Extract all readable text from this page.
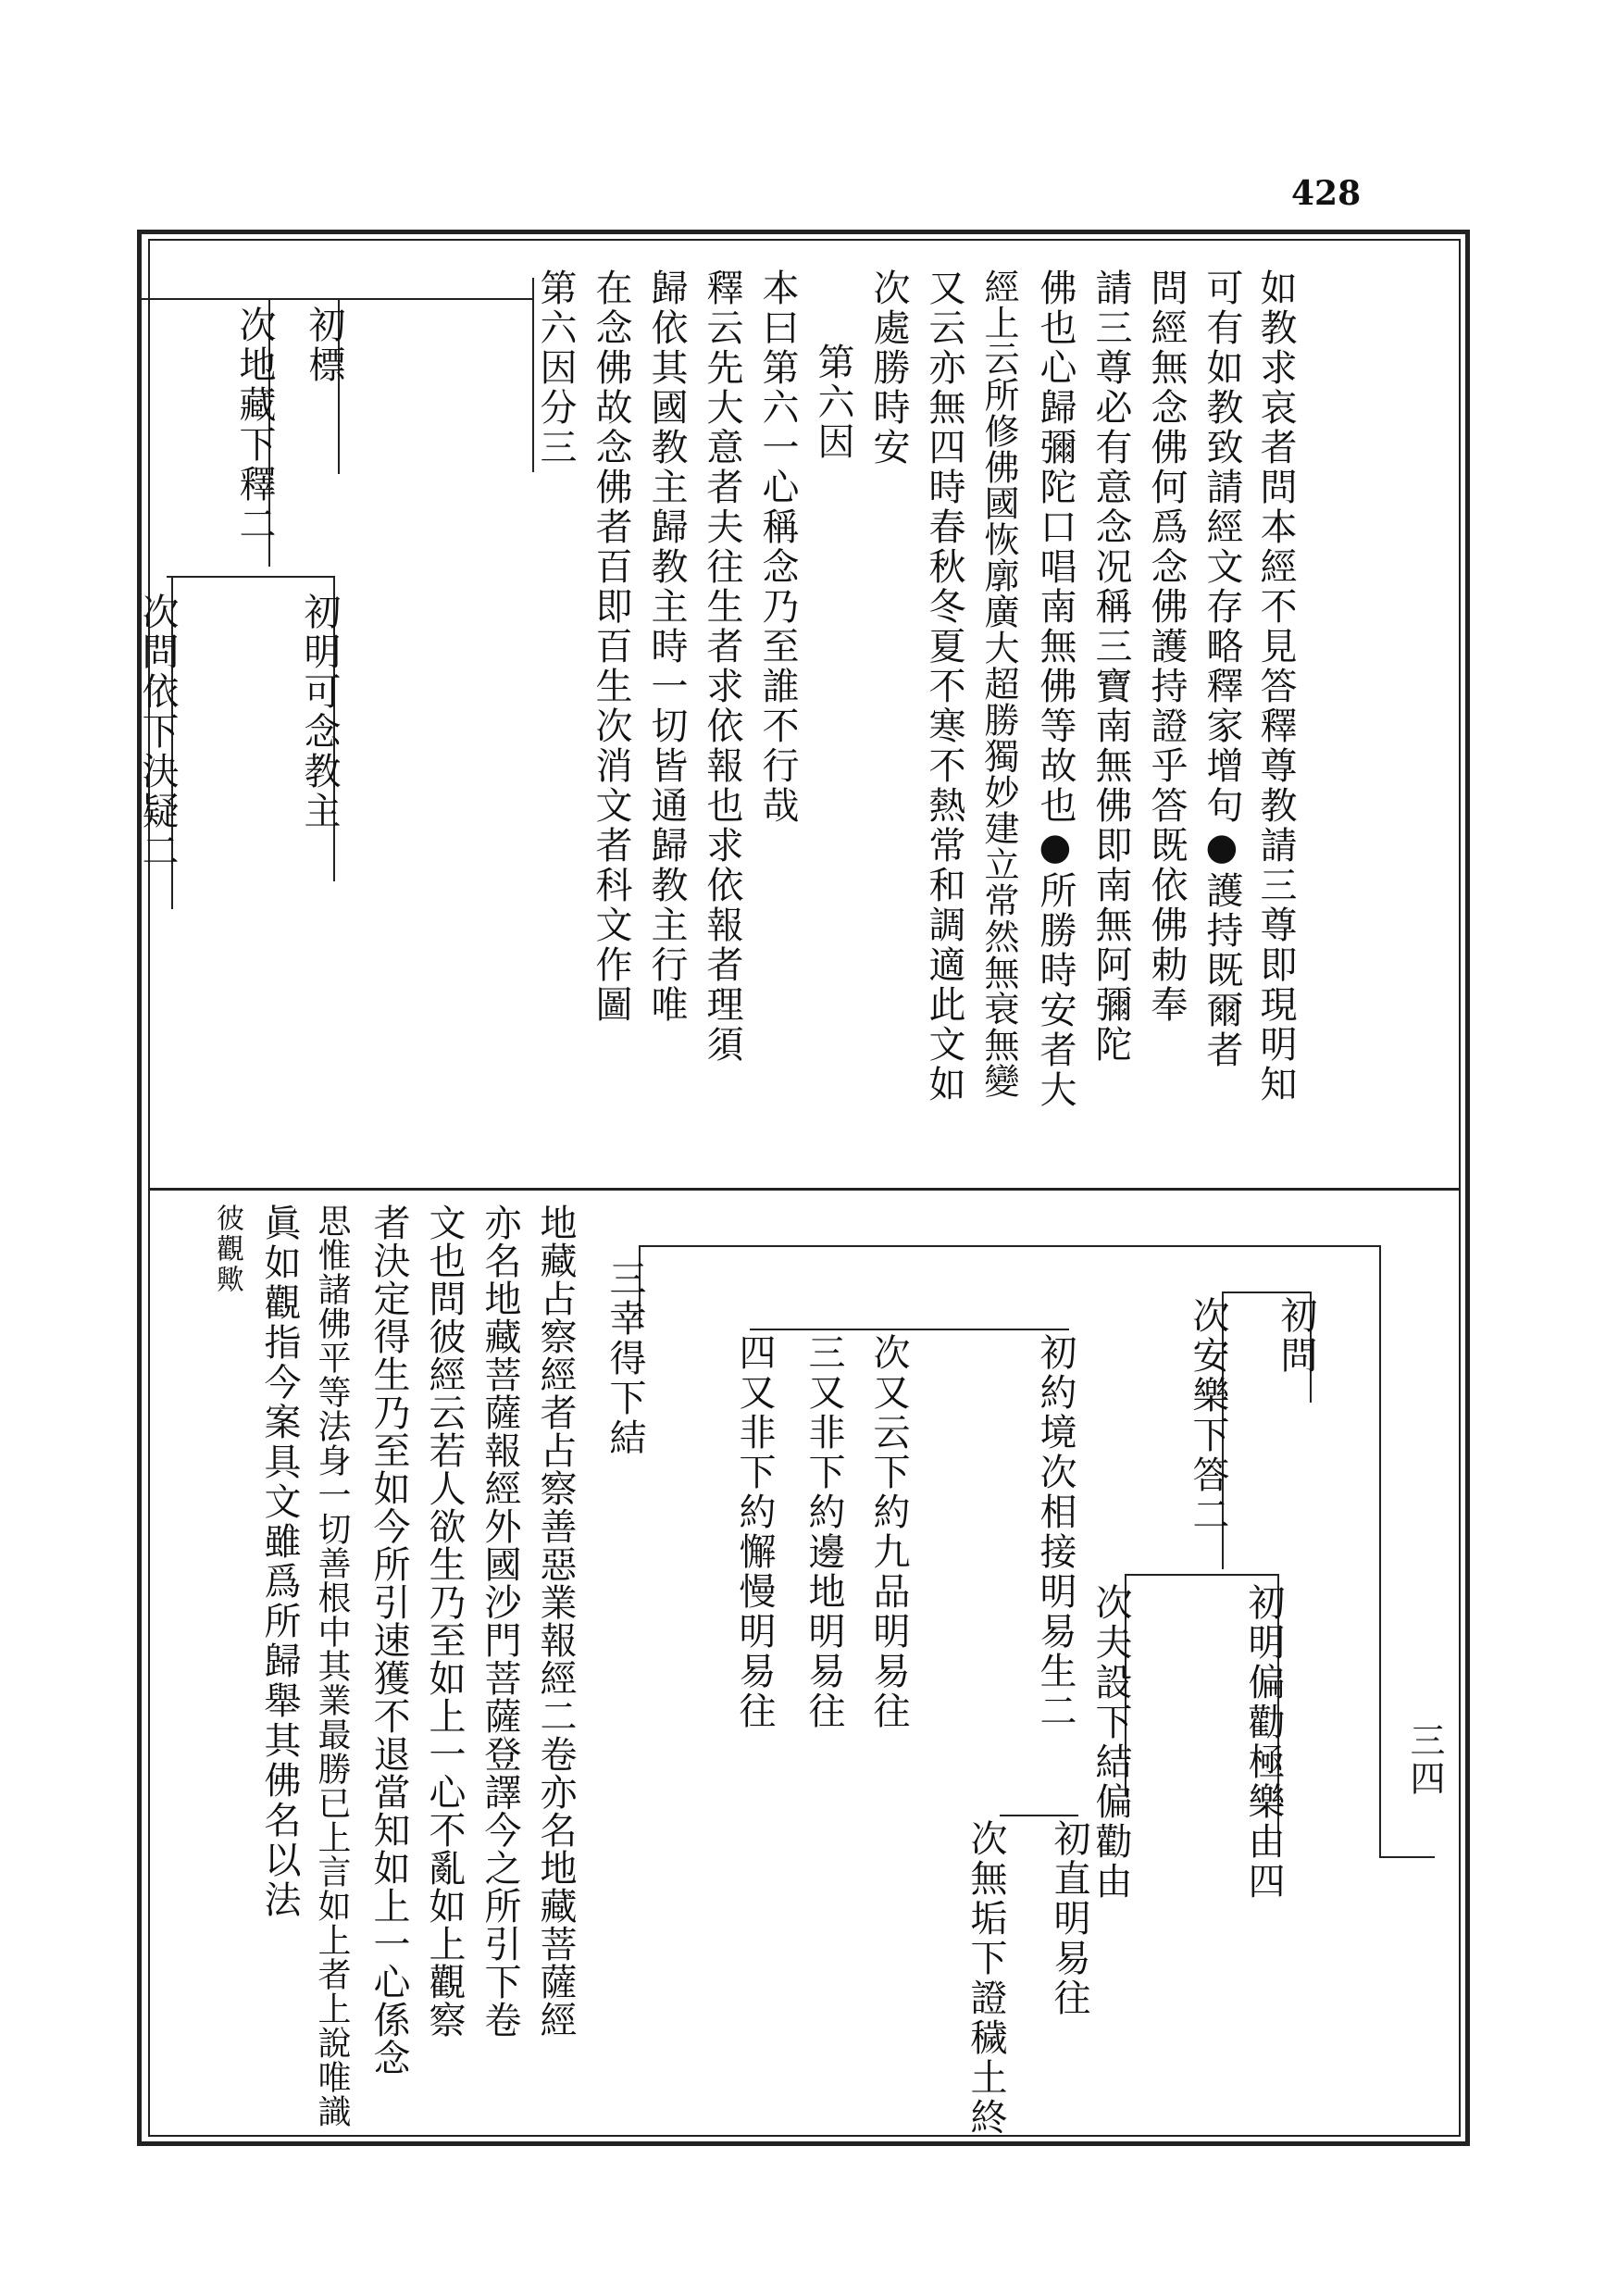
428
如教求哀者問本經不見答釋尊教請三尊即現明知
可有如教致請經文存略釋家增句●護持既爾者
問經無念佛何爲念佛護持證乎答既依佛勅奉
請三尊必有意念况稱三寶南無佛即南無阿彌陀
佛也心歸彌陀口唱南無佛等故也●所勝時安者大
經上云所修佛國恢廓廣大超勝獨妙建立常然無衰無變
又云亦無四時春秋冬夏不寒不熱常和調適此文如
次處勝時安
第六因
本曰第六一心稱念乃至誰不行哉
釋云先大意者夫往生者求依報也求依報者理須
歸依其國教主歸教主時一切皆通歸教主行唯
在念佛故念佛者百即百生次消文者科文作圖
第六因分三
初標
次地藏下釋二
初明可念教主
次問依下決疑二
三幸得下結	初問
次安樂下答二
初明偏勸極樂由四
次夫設下結偏勸由
初約境次相接明易生二
次又云下約九品明易往
三又非下約邊地明易往
四又非下約懈慢明易往
初直明易往
次無垢下證穢土終
地藏占察經者占察善惡業報經二卷亦名地藏菩薩經
亦名地藏菩薩報經外國沙門菩薩登譯今之所引下卷
文也問彼經云若人欲生乃至如上一心不亂如上觀察
者決定得生乃至如今所引速獲不退當知如上一心係念
思惟諸佛平等法身一切善根中其業最勝已上言如上者上說唯識
眞如觀指今案具文雖爲所歸舉其佛名以法
彼觀歟
三四
